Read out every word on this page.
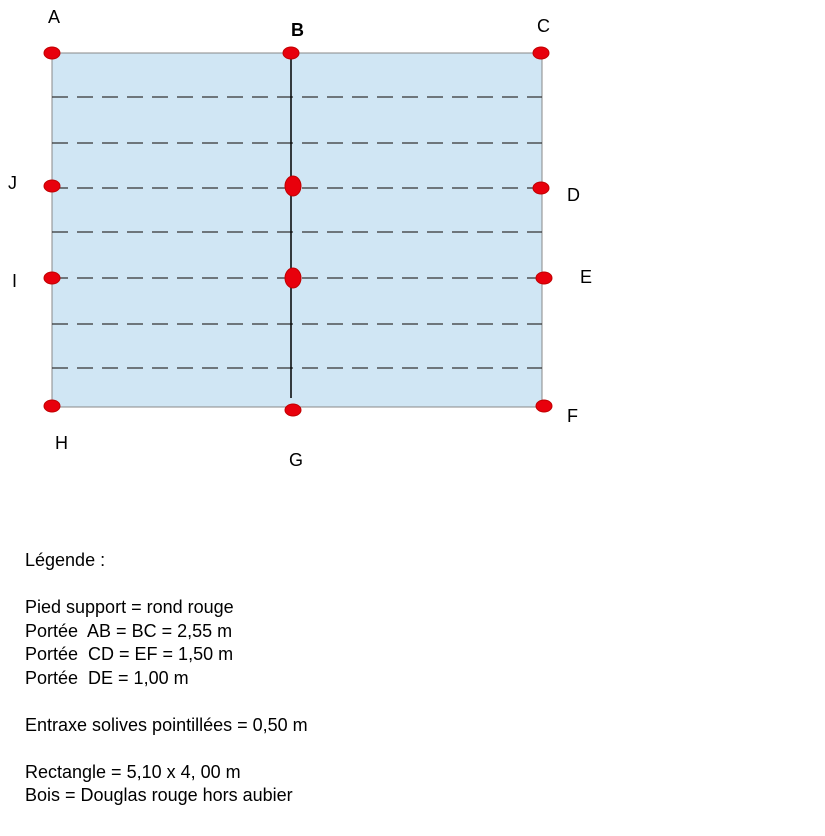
A
B	C
J
D
I	E
F
H
G
Légende :
Pied support = rond rouge
Portée  AB = BC = 2,55 m
Portée  CD = EF = 1,50 m
Portée  DE = 1,00 m
Entraxe solives pointillées = 0,50 m
Rectangle = 5,10 x 4, 00 m
Bois = Douglas rouge hors aubier
